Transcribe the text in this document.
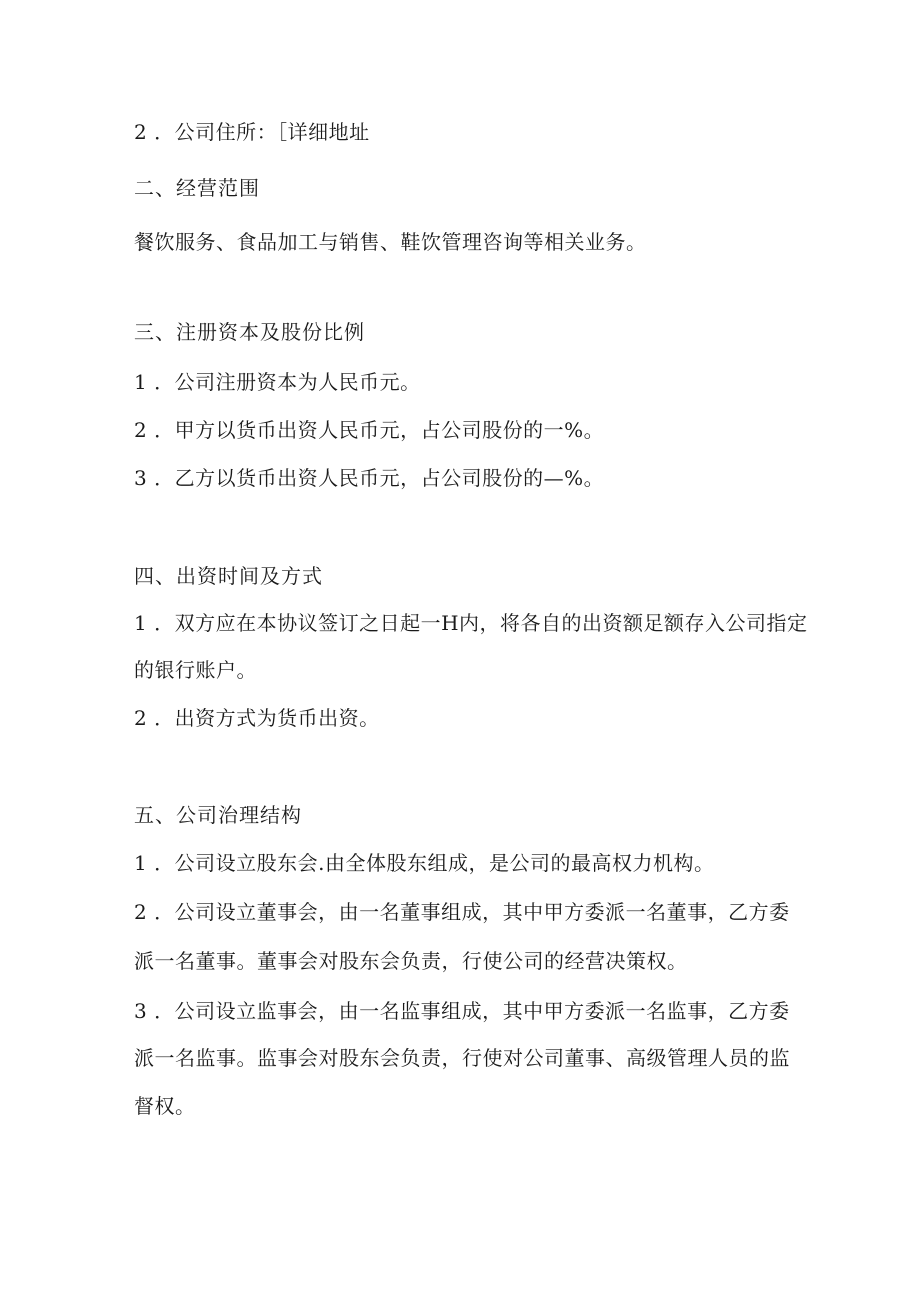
2 ．公司住所：［详细地址
二、经营范围
餐饮服务、食品加工与销售、鞋饮管理咨询等相关业务。
三、注册资本及股份比例
1 ．公司注册资本为人民币元。
2 ．甲方以货币出资人民币元，占公司股份的一%。
3 ．乙方以货币出资人民币元，占公司股份的—%。
四、出资时间及方式
1 ．双方应在本协议签订之日起一H内，将各自的出资额足额存入公司指定
的银行账户。
2 ．出资方式为货币出资。
五、公司治理结构
1 ．公司设立股东会.由全体股东组成，是公司的最高权力机构。
2 ．公司设立董事会，由一名董事组成，其中甲方委派一名董事，乙方委
派一名董事。董事会对股东会负责，行使公司的经营决策权。
3 ．公司设立监事会，由一名监事组成，其中甲方委派一名监事，乙方委
派一名监事。监事会对股东会负责，行使对公司董事、高级管理人员的监
督权。
